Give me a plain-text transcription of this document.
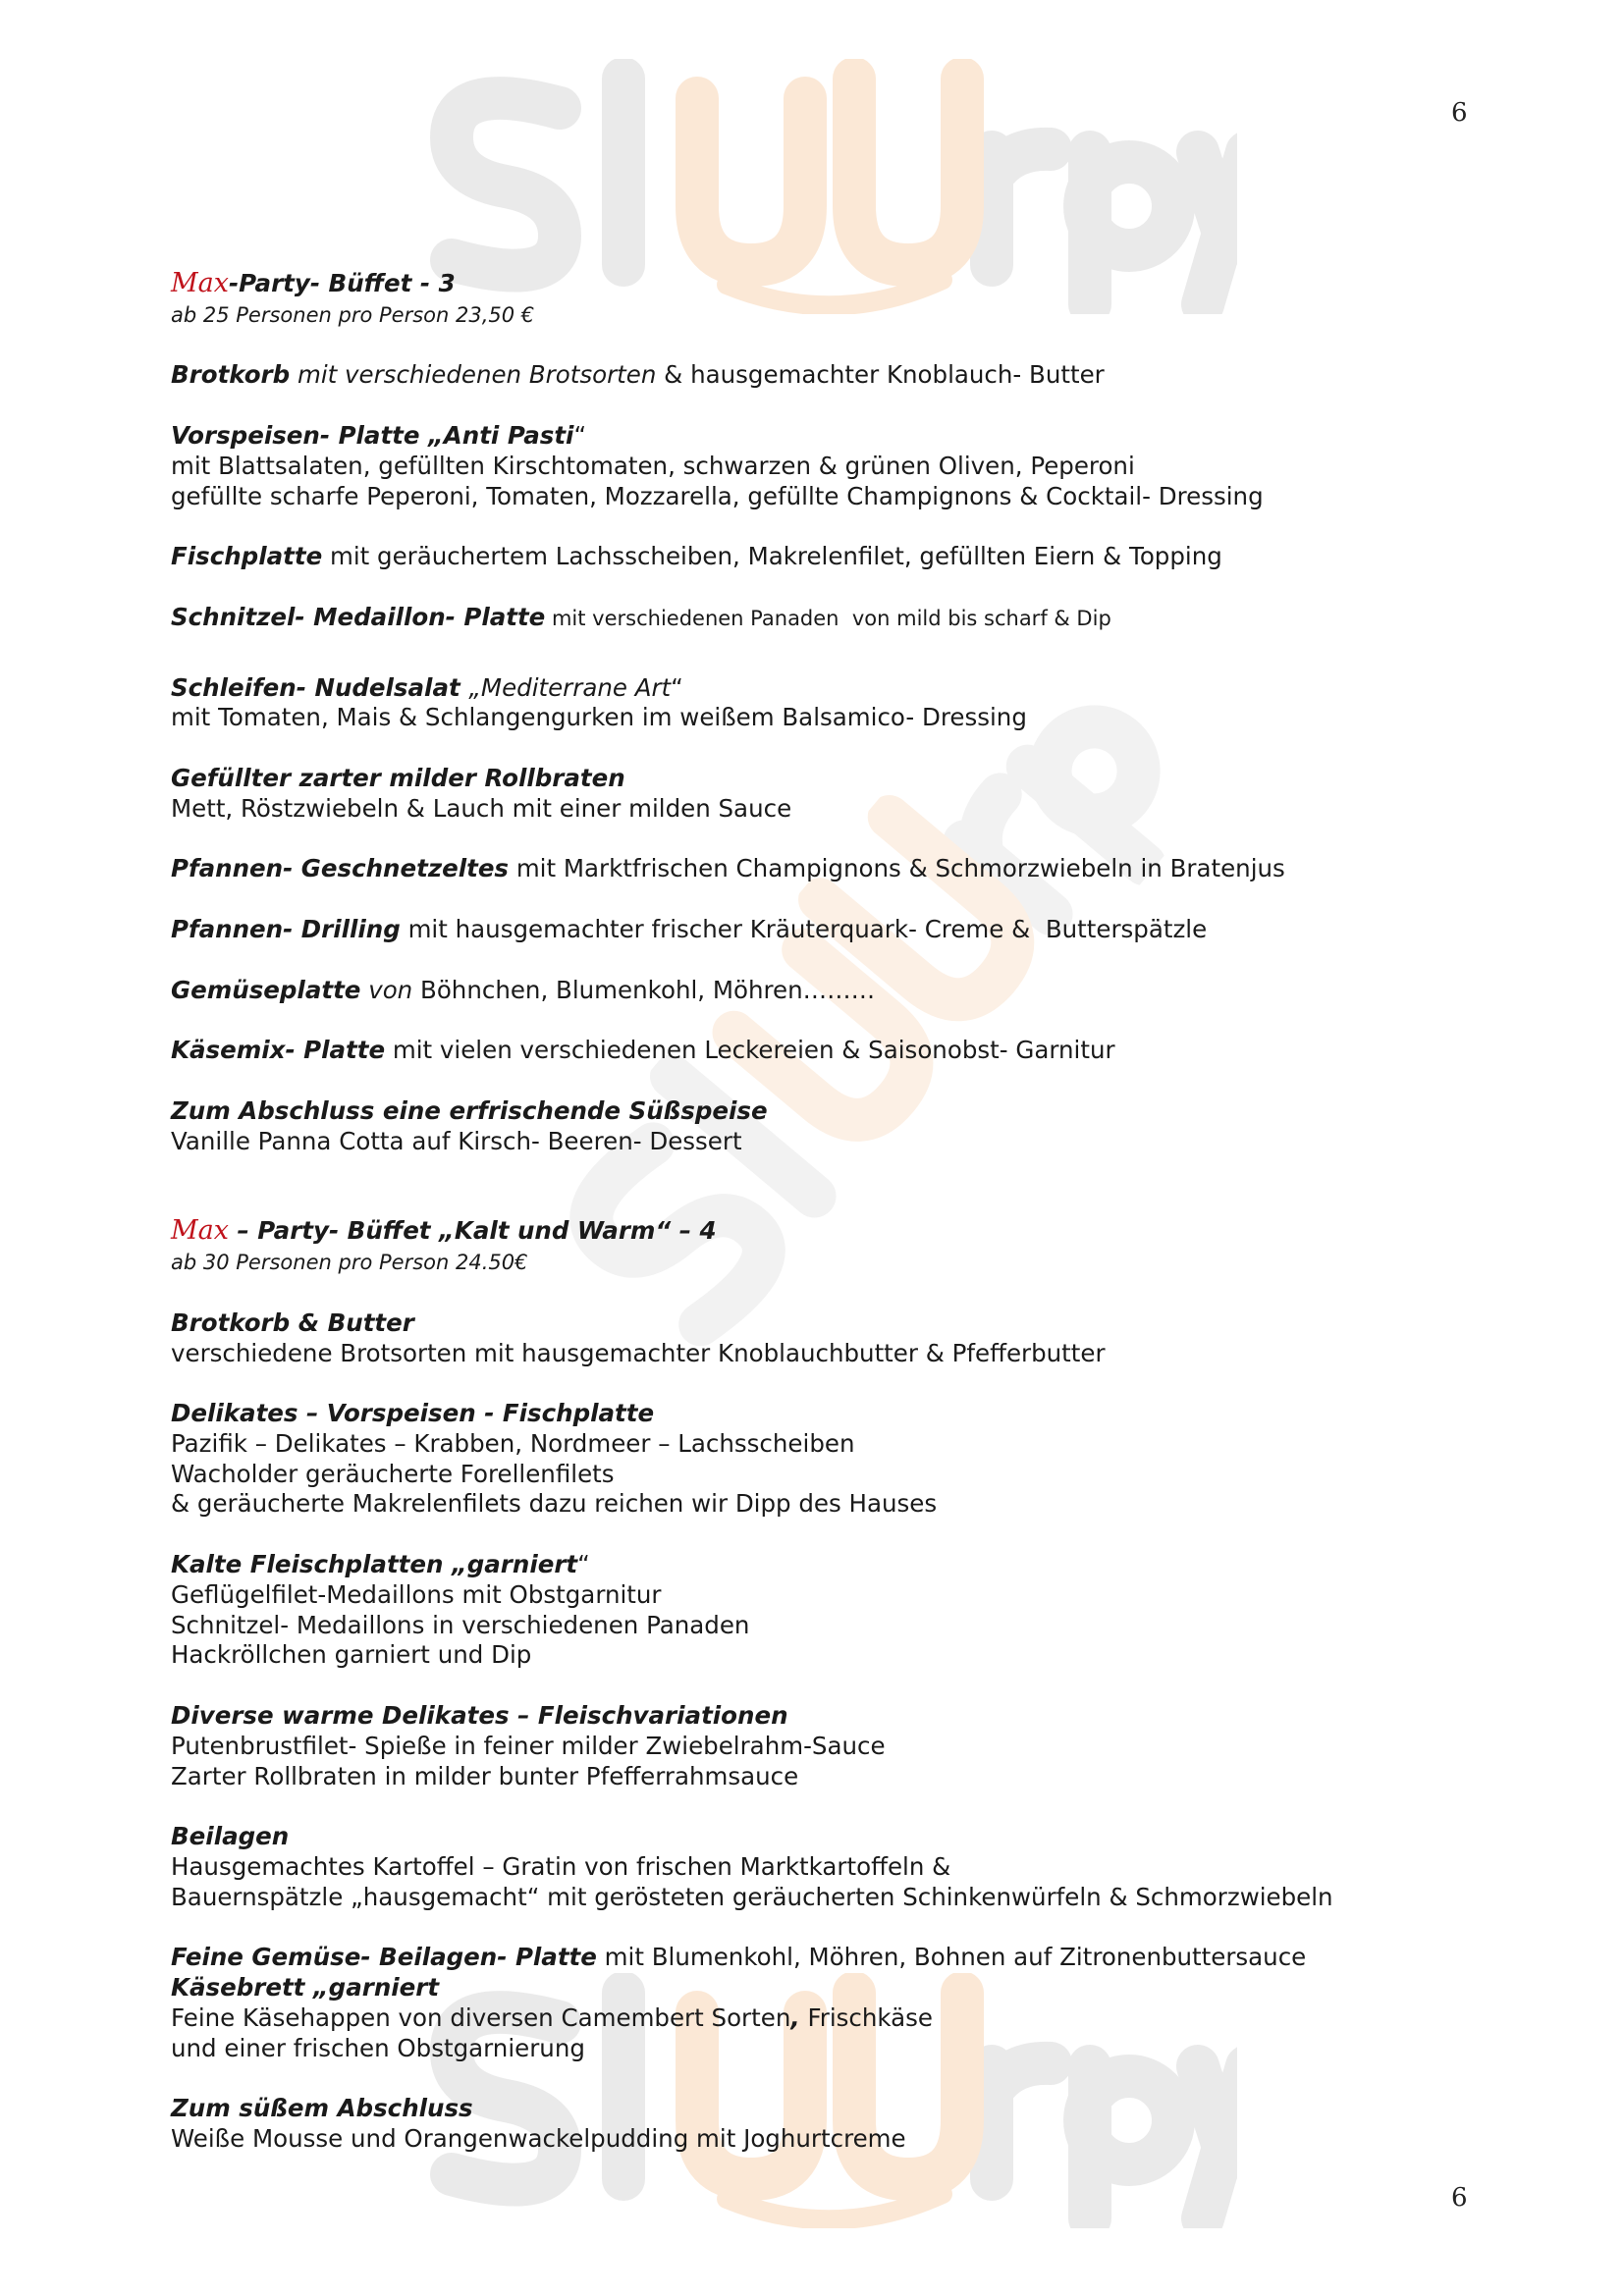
6
Max-Party- Büffet - 3
ab 25 Personen pro Person 23,50 €
Brotkorb mit verschiedenen Brotsorten & hausgemachter Knoblauch- Butter
Vorspeisen- Platte „Anti Pasti“
mit Blattsalaten, gefüllten Kirschtomaten, schwarzen & grünen Oliven, Peperoni
gefüllte scharfe Peperoni, Tomaten, Mozzarella, gefüllte Champignons & Cocktail- Dressing
Fischplatte mit geräuchertem Lachsscheiben, Makrelenfilet, gefüllten Eiern & Topping
Schnitzel- Medaillon- Platte mit verschiedenen Panaden  von mild bis scharf & Dip
Schleifen- Nudelsalat „Mediterrane Art“
mit Tomaten, Mais & Schlangengurken im weißem Balsamico- Dressing
Gefüllter zarter milder Rollbraten
Mett, Röstzwiebeln & Lauch mit einer milden Sauce
Pfannen- Geschnetzeltes mit Marktfrischen Champignons & Schmorzwiebeln in Bratenjus
Pfannen- Drilling mit hausgemachter frischer Kräuterquark- Creme &  Butterspätzle
Gemüseplatte von Böhnchen, Blumenkohl, Möhren………
Käsemix- Platte mit vielen verschiedenen Leckereien & Saisonobst- Garnitur
Zum Abschluss eine erfrischende Süßspeise
Vanille Panna Cotta auf Kirsch- Beeren- Dessert
Max – Party- Büffet „Kalt und Warm“ – 4
ab 30 Personen pro Person 24.50€
Brotkorb & Butter
verschiedene Brotsorten mit hausgemachter Knoblauchbutter & Pfefferbutter
Delikates – Vorspeisen - Fischplatte
Pazifik – Delikates – Krabben, Nordmeer – Lachsscheiben
Wacholder geräucherte Forellenfilets
& geräucherte Makrelenfilets dazu reichen wir Dipp des Hauses
Kalte Fleischplatten „garniert“
Geflügelfilet-Medaillons mit Obstgarnitur
Schnitzel- Medaillons in verschiedenen Panaden
Hackröllchen garniert und Dip
Diverse warme Delikates – Fleischvariationen
Putenbrustfilet- Spieße in feiner milder Zwiebelrahm-Sauce
Zarter Rollbraten in milder bunter Pfefferrahmsauce
Beilagen
Hausgemachtes Kartoffel – Gratin von frischen Marktkartoffeln &
Bauernspätzle „hausgemacht“ mit gerösteten geräucherten Schinkenwürfeln & Schmorzwiebeln
Feine Gemüse- Beilagen- Platte mit Blumenkohl, Möhren, Bohnen auf Zitronenbuttersauce
Käsebrett „garniert
Feine Käsehappen von diversen Camembert Sorten, Frischkäse
und einer frischen Obstgarnierung
Zum süßem Abschluss
Weiße Mousse und Orangenwackelpudding mit Joghurtcreme
6
